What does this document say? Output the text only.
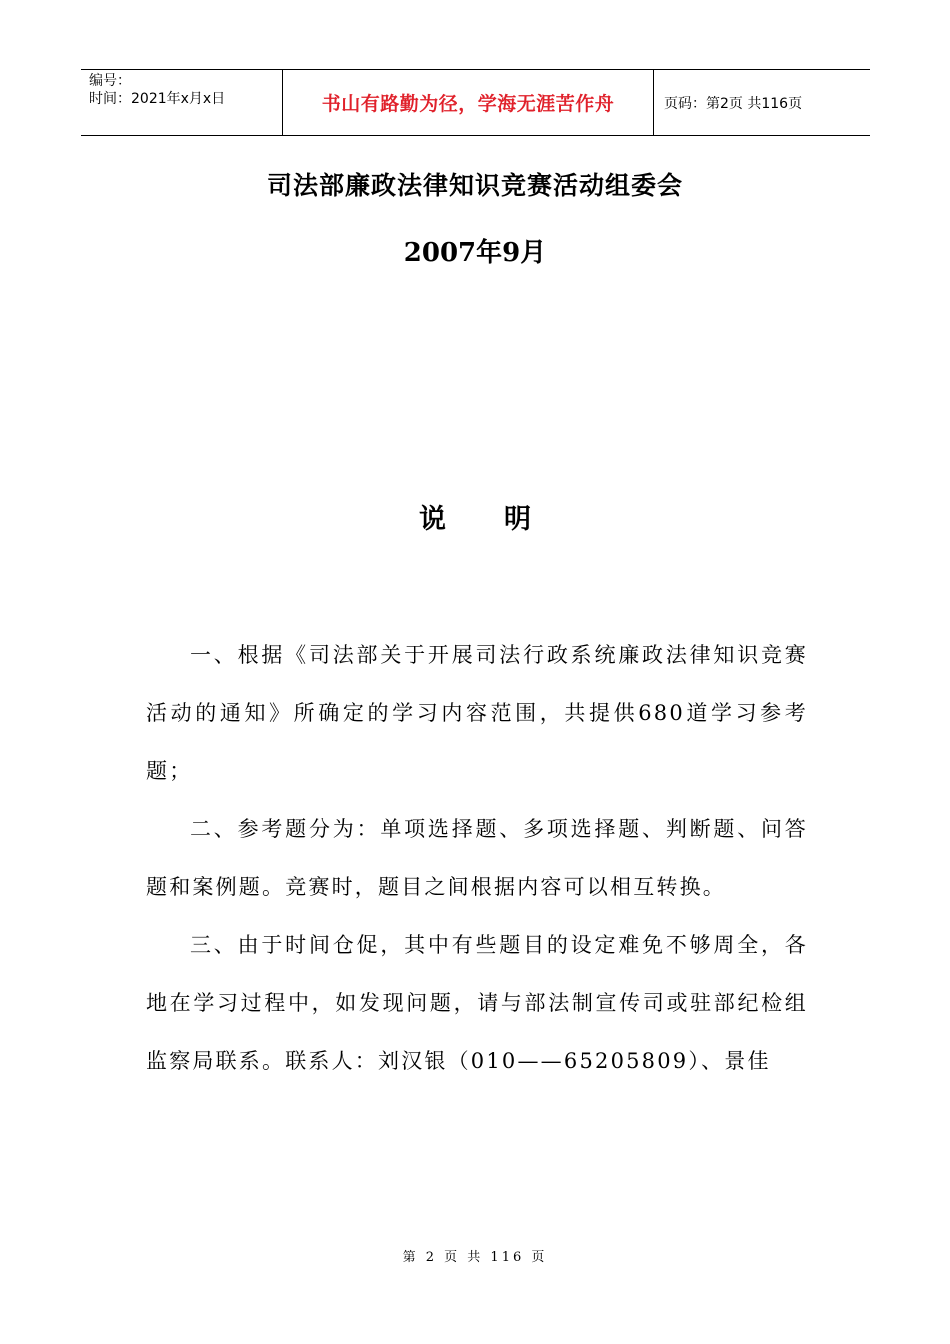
编号：
时间：2021年x月x日	书山有路勤为径，学海无涯苦作舟	页码：第2页 共116页
司法部廉政法律知识竞赛活动组委会
2007年9月
说明

一、根据《司法部关于开展司法行政系统廉政法律知识竞赛活动的通知》所确定的学习内容范围，共提供680道学习参考题；

二、参考题分为：单项选择题、多项选择题、判断题、问答题和案例题。竞赛时，题目之间根据内容可以相互转换。

三、由于时间仓促，其中有些题目的设定难免不够周全，各地在学习过程中，如发现问题，请与部法制宣传司或驻部纪检组监察局联系。联系人：刘汉银（010——65205809）、景佳

第 2 页 共 116 页
